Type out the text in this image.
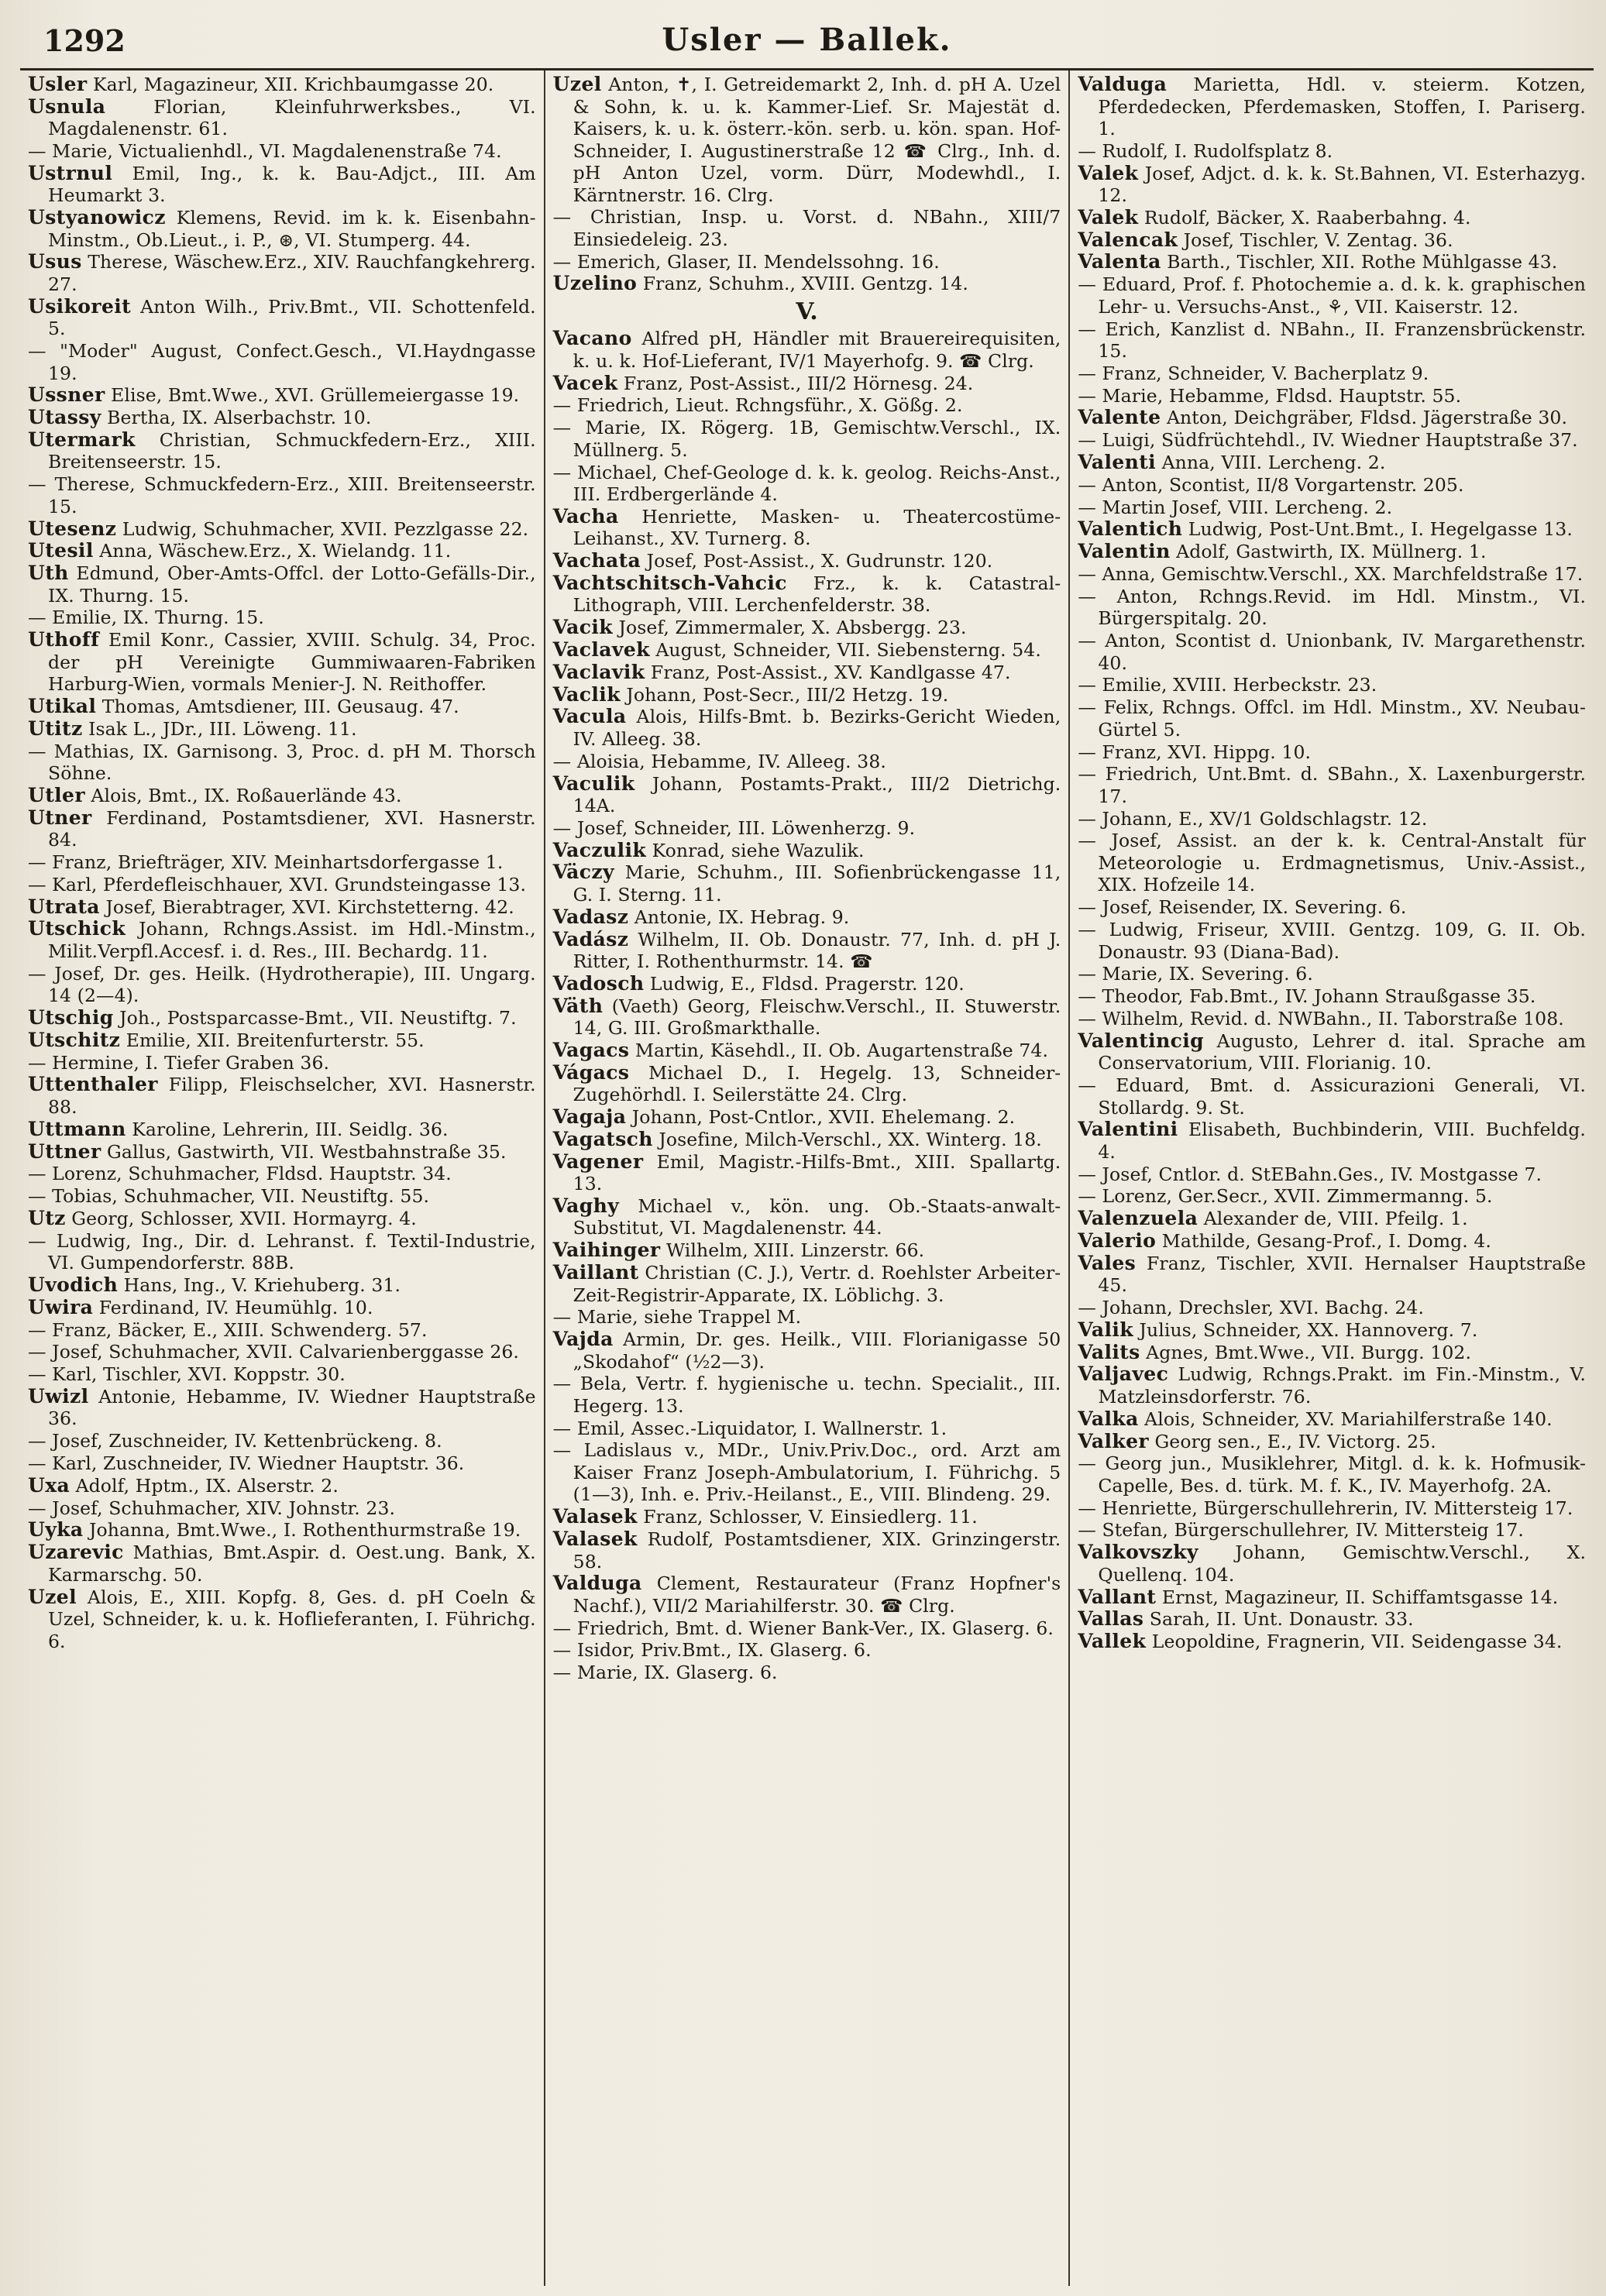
1292	Usler — Ballek.
Usler Karl, Magazineur, XII. Krichbaumgasse 20.
Usnula	Florian, Kleinfuhrwerksbes., VI. Magdalenenstr. 61.
— Marie, Victualienhdl., VI. Magdalenenstraße 74.
Ustrnul Emil, Ing., k. k. Bau-Adjct., III. Am Heumarkt 3.
Ustyanowicz Klemens, Revid. im k. k. Eisenbahn-Minstm., Ob.Lieut., i. P., ⊛, VI. Stumperg. 44.
Usus Therese, Wäschew.Erz., XIV. Rauchfangkehrerg. 27.
Usikoreit Anton Wilh., Priv.Bmt., VII. Schottenfeld. 5.
— "Moder" August, Confect.Gesch., VI.Haydngasse 19.
Ussner Elise, Bmt.Wwe., XVI. Grüllemeiergasse 19.
Utassy Bertha, IX. Alserbachstr. 10.
Utermark Christian, Schmuckfedern-Erz., XIII. Breitenseerstr. 15.
— Therese, Schmuckfedern-Erz., XIII. Breitenseerstr. 15.
Utesenz Ludwig, Schuhmacher, XVII. Pezzlgasse 22.
Utesil Anna, Wäschew.Erz., X. Wielandg. 11.
Uth Edmund, Ober-Amts-Offcl. der Lotto-Gefälls-Dir., IX. Thurng. 15.
— Emilie, IX. Thurng. 15.
Uthoff Emil Konr., Cassier, XVIII. Schulg. 34, Proc. der pH Vereinigte Gummiwaaren-Fabriken Harburg-Wien, vormals Menier-J. N. Reithoffer.
Utikal Thomas, Amtsdiener, III. Geusaug. 47.
Utitz Isak L., JDr., III. Löweng. 11.
— Mathias, IX. Garnisong. 3, Proc. d. pH M. Thorsch Söhne.
Utler Alois, Bmt., IX. Roßauerlände 43.
Utner Ferdinand, Postamtsdiener, XVI. Hasnerstr. 84.
— Franz, Briefträger, XIV. Meinhartsdorfergasse 1.
— Karl, Pferdefleischhauer, XVI. Grundsteingasse 13.
Utrata Josef, Bierabtrager, XVI. Kirchstetterng. 42.
Utschick Johann, Rchngs.Assist. im Hdl.-Minstm., Milit.Verpfl.Accesf. i. d. Res., III. Bechardg. 11.
— Josef, Dr. ges. Heilk. (Hydrotherapie), III. Ungarg. 14 (2—4).
Utschig Joh., Postsparcasse-Bmt., VII. Neustiftg. 7.
Utschitz Emilie, XII. Breitenfurterstr. 55.
— Hermine, I. Tiefer Graben 36.
Uttenthaler Filipp, Fleischselcher, XVI. Hasnerstr. 88.
Uttmann Karoline, Lehrerin, III. Seidlg. 36.
Uttner Gallus, Gastwirth, VII. Westbahnstraße 35.
— Lorenz, Schuhmacher, Fldsd. Hauptstr. 34.
— Tobias, Schuhmacher, VII. Neustiftg. 55.
Utz Georg, Schlosser, XVII. Hormayrg. 4.
— Ludwig, Ing., Dir. d. Lehranst. f. Textil-Industrie, VI. Gumpendorferstr. 88B.
Uvodich Hans, Ing., V. Kriehuberg. 31.
Uwira Ferdinand, IV. Heumühlg. 10.
— Franz, Bäcker, E., XIII. Schwenderg. 57.
— Josef, Schuhmacher, XVII. Calvarienberggasse 26.
— Karl, Tischler, XVI. Koppstr. 30.
Uwizl Antonie, Hebamme, IV. Wiedner Hauptstraße 36.
— Josef, Zuschneider, IV. Kettenbrückeng. 8.
— Karl, Zuschneider, IV. Wiedner Hauptstr. 36.
Uxa Adolf, Hptm., IX. Alserstr. 2.
— Josef, Schuhmacher, XIV. Johnstr. 23.
Uyka Johanna, Bmt.Wwe., I. Rothenthurmstraße 19.
Uzarevic Mathias, Bmt.Aspir. d. Oest.ung. Bank, X. Karmarschg. 50.
Uzel Alois, E., XIII. Kopfg. 8, Ges. d. pH Coeln & Uzel, Schneider, k. u. k. Hoflieferanten, I. Führichg. 6.
Uzel Anton, ✝, I. Getreidemarkt 2, Inh. d. pH A. Uzel & Sohn, k. u. k. Kammer-Lief. Sr. Majestät d. Kaisers, k. u. k. österr.-kön. serb. u. kön. span. Hof-Schneider, I. Augustinerstraße 12 ☎ Clrg., Inh. d. pH Anton Uzel, vorm. Dürr, Modewhdl., I. Kärntnerstr. 16. Clrg.
— Christian, Insp. u. Vorst. d. NBahn., XIII/7 Einsiedeleig. 23.
— Emerich, Glaser, II. Mendelssohng. 16.
Uzelino Franz, Schuhm., XVIII. Gentzg. 14.
V.
Vacano Alfred pH, Händler mit Brauereirequisiten, k. u. k. Hof-Lieferant, IV/1 Mayerhofg. 9. ☎ Clrg.
Vacek Franz, Post-Assist., III/2 Hörnesg. 24.
— Friedrich, Lieut. Rchngsführ., X. Gößg. 2.
— Marie, IX. Rögerg. 1B, Gemischtw.Verschl., IX. Müllnerg. 5.
— Michael, Chef-Geologe d. k. k. geolog. Reichs-Anst., III. Erdbergerlände 4.
Vacha Henriette, Masken- u. Theatercostüme-Leihanst., XV. Turnerg. 8.
Vachata Josef, Post-Assist., X. Gudrunstr. 120.
Vachtschitsch-Vahcic Frz., k. k. Catastral-Lithograph, VIII. Lerchenfelderstr. 38.
Vacik Josef, Zimmermaler, X. Absbergg. 23.
Vaclavek August, Schneider, VII. Siebensterng. 54.
Vaclavik Franz, Post-Assist., XV. Kandlgasse 47.
Vaclik Johann, Post-Secr., III/2 Hetzg. 19.
Vacula Alois, Hilfs-Bmt. b. Bezirks-Gericht Wieden, IV. Alleeg. 38.
— Aloisia, Hebamme, IV. Alleeg. 38.
Vaculik Johann, Postamts-Prakt., III/2 Dietrichg. 14A.
— Josef, Schneider, III. Löwenherzg. 9.
Vaczulik Konrad, siehe Wazulik.
Väczy Marie, Schuhm., III. Sofienbrückengasse 11, G. I. Sterng. 11.
Vadasz Antonie, IX. Hebrag. 9.
Vadász Wilhelm, II. Ob. Donaustr. 77, Inh. d. pH J. Ritter, I. Rothenthurmstr. 14. ☎
Vadosch Ludwig, E., Fldsd. Pragerstr. 120.
Väth (Vaeth) Georg, Fleischw.Verschl., II. Stuwerstr. 14, G. III. Großmarkthalle.
Vagacs Martin, Käsehdl., II. Ob. Augartenstraße 74.
Vágacs Michael D., I. Hegelg. 13, Schneider-Zugehörhdl. I. Seilerstätte 24. Clrg.
Vagaja Johann, Post-Cntlor., XVII. Ehelemang. 2.
Vagatsch Josefine, Milch-Verschl., XX. Winterg. 18.
Vagener Emil, Magistr.-Hilfs-Bmt., XIII. Spallartg. 13.
Vaghy Michael v., kön. ung. Ob.-Staats-anwalt-Substitut, VI. Magdalenenstr. 44.
Vaihinger Wilhelm, XIII. Linzerstr. 66.
Vaillant Christian (C. J.), Vertr. d. Roehlster Arbeiter-Zeit-Registrir-Apparate, IX. Löblichg. 3.
— Marie, siehe Trappel M.
Vajda Armin, Dr. ges. Heilk., VIII. Florianigasse 50 „Skodahof“ (½2—3).
— Bela, Vertr. f. hygienische u. techn. Specialit., III. Hegerg. 13.
— Emil, Assec.-Liquidator, I. Wallnerstr. 1.
— Ladislaus v., MDr., Univ.Priv.Doc., ord. Arzt am Kaiser Franz Joseph-Ambulatorium, I. Führichg. 5 (1—3), Inh. e. Priv.-Heilanst., E., VIII. Blindeng. 29.
Valasek Franz, Schlosser, V. Einsiedlerg. 11.
Valasek Rudolf, Postamtsdiener, XIX. Grinzingerstr. 58.
Valduga Clement, Restaurateur (Franz Hopfner's Nachf.), VII/2 Mariahilferstr. 30. ☎ Clrg.
— Friedrich, Bmt. d. Wiener Bank-Ver., IX. Glaserg. 6.
— Isidor, Priv.Bmt., IX. Glaserg. 6.
— Marie, IX. Glaserg. 6.
Valduga Marietta, Hdl. v. steierm. Kotzen, Pferdedecken, Pferdemasken, Stoffen, I. Pariserg. 1.
— Rudolf, I. Rudolfsplatz 8.
Valek Josef, Adjct. d. k. k. St.Bahnen, VI. Esterhazyg. 12.
Valek Rudolf, Bäcker, X. Raaberbahng. 4.
Valencak Josef, Tischler, V. Zentag. 36.
Valenta Barth., Tischler, XII. Rothe Mühlgasse 43.
— Eduard, Prof. f. Photochemie a. d. k. k. graphischen Lehr- u. Versuchs-Anst., ⚘, VII. Kaiserstr. 12.
— Erich, Kanzlist d. NBahn., II. Franzensbrückenstr. 15.
— Franz, Schneider, V. Bacherplatz 9.
— Marie, Hebamme, Fldsd. Hauptstr. 55.
Valente Anton, Deichgräber, Fldsd. Jägerstraße 30.
— Luigi, Südfrüchtehdl., IV. Wiedner Hauptstraße 37.
Valenti Anna, VIII. Lercheng. 2.
— Anton, Scontist, II/8 Vorgartenstr. 205.
— Martin Josef, VIII. Lercheng. 2.
Valentich Ludwig, Post-Unt.Bmt., I. Hegelgasse 13.
Valentin Adolf, Gastwirth, IX. Müllnerg. 1.
— Anna, Gemischtw.Verschl., XX. Marchfeldstraße 17.
— Anton, Rchngs.Revid. im Hdl. Minstm., VI. Bürgerspitalg. 20.
— Anton, Scontist d. Unionbank, IV. Margarethenstr. 40.
— Emilie, XVIII. Herbeckstr. 23.
— Felix, Rchngs. Offcl. im Hdl. Minstm., XV. Neubau-Gürtel 5.
— Franz, XVI. Hippg. 10.
— Friedrich, Unt.Bmt. d. SBahn., X. Laxenburgerstr. 17.
— Johann, E., XV/1 Goldschlagstr. 12.
— Josef, Assist. an der k. k. Central-Anstalt für Meteorologie u. Erdmagnetismus, Univ.-Assist., XIX. Hofzeile 14.
— Josef, Reisender, IX. Severing. 6.
— Ludwig, Friseur, XVIII. Gentzg. 109, G. II. Ob. Donaustr. 93 (Diana-Bad).
— Marie, IX. Severing. 6.
— Theodor, Fab.Bmt., IV. Johann Straußgasse 35.
— Wilhelm, Revid. d. NWBahn., II. Taborstraße 108.
Valentincig Augusto, Lehrer d. ital. Sprache am Conservatorium, VIII. Florianig. 10.
— Eduard, Bmt. d. Assicurazioni Generali, VI. Stollardg. 9. St.
Valentini Elisabeth, Buchbinderin, VIII. Buchfeldg. 4.
— Josef, Cntlor. d. StEBahn.Ges., IV. Mostgasse 7.
— Lorenz, Ger.Secr., XVII. Zimmermanng. 5.
Valenzuela Alexander de, VIII. Pfeilg. 1.
Valerio Mathilde, Gesang-Prof., I. Domg. 4.
Vales Franz, Tischler, XVII. Hernalser Hauptstraße 45.
— Johann, Drechsler, XVI. Bachg. 24.
Valik Julius, Schneider, XX. Hannoverg. 7.
Valits Agnes, Bmt.Wwe., VII. Burgg. 102.
Valjavec Ludwig, Rchngs.Prakt. im Fin.-Minstm., V. Matzleinsdorferstr. 76.
Valka Alois, Schneider, XV. Mariahilferstraße 140.
Valker Georg sen., E., IV. Victorg. 25.
— Georg jun., Musiklehrer, Mitgl. d. k. k. Hofmusik-Capelle, Bes. d. türk. M. f. K., IV. Mayerhofg. 2A.
— Henriette, Bürgerschullehrerin, IV. Mittersteig 17.
— Stefan, Bürgerschullehrer, IV. Mittersteig 17.
Valkovszky Johann, Gemischtw.Verschl., X. Quellenq. 104.
Vallant Ernst, Magazineur, II. Schiffamtsgasse 14.
Vallas Sarah, II. Unt. Donaustr. 33.
Vallek Leopoldine, Fragnerin, VII. Seidengasse 34.
